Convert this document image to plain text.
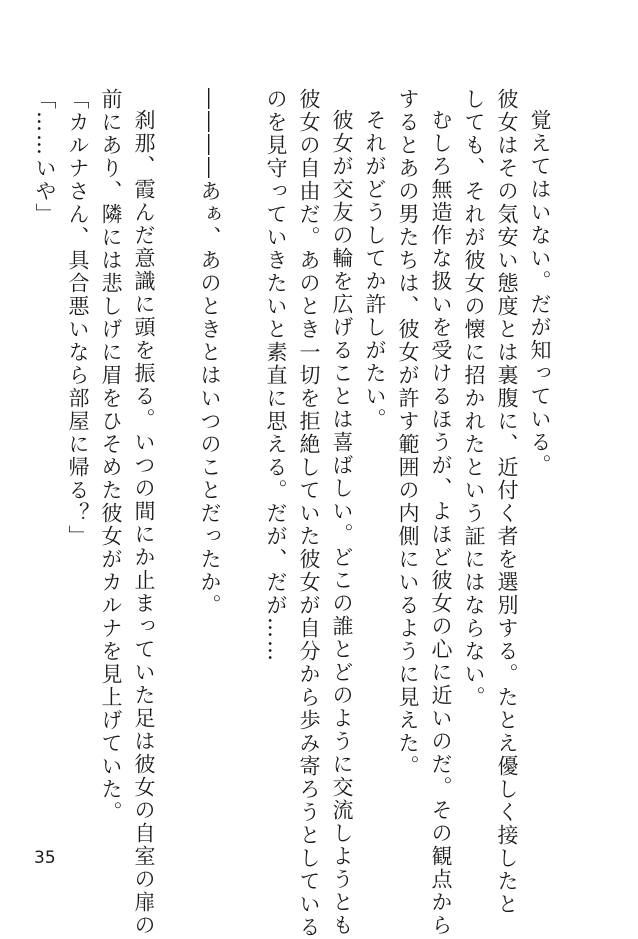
覚えてはいない。だが知っている。
彼女はその気安い態度とは裏腹に、近付く者を選別する。たとえ優しく接したと
しても、それが彼女の懐に招かれたという証にはならない。
むしろ無造作な扱いを受けるほうが、よほど彼女の心に近いのだ。その観点から
するとあの男たちは、彼女が許す範囲の内側にいるように見えた。
それがどうしてか許しがたい。
彼女が交友の輪を広げることは喜ばしい。どこの誰とどのように交流しようとも
彼女の自由だ。あのとき一切を拒絶していた彼女が自分から歩み寄ろうとしている
のを見守っていきたいと素直に思える。だが、だが……
――――あぁ、あのときとはいつのことだったか。
刹那、霞んだ意識に頭を振る。いつの間にか止まっていた足は彼女の自室の扉の
前にあり、隣には悲しげに眉をひそめた彼女がカルナを見上げていた。
「カルナさん、具合悪いなら部屋に帰る？」
「……いや」
35
